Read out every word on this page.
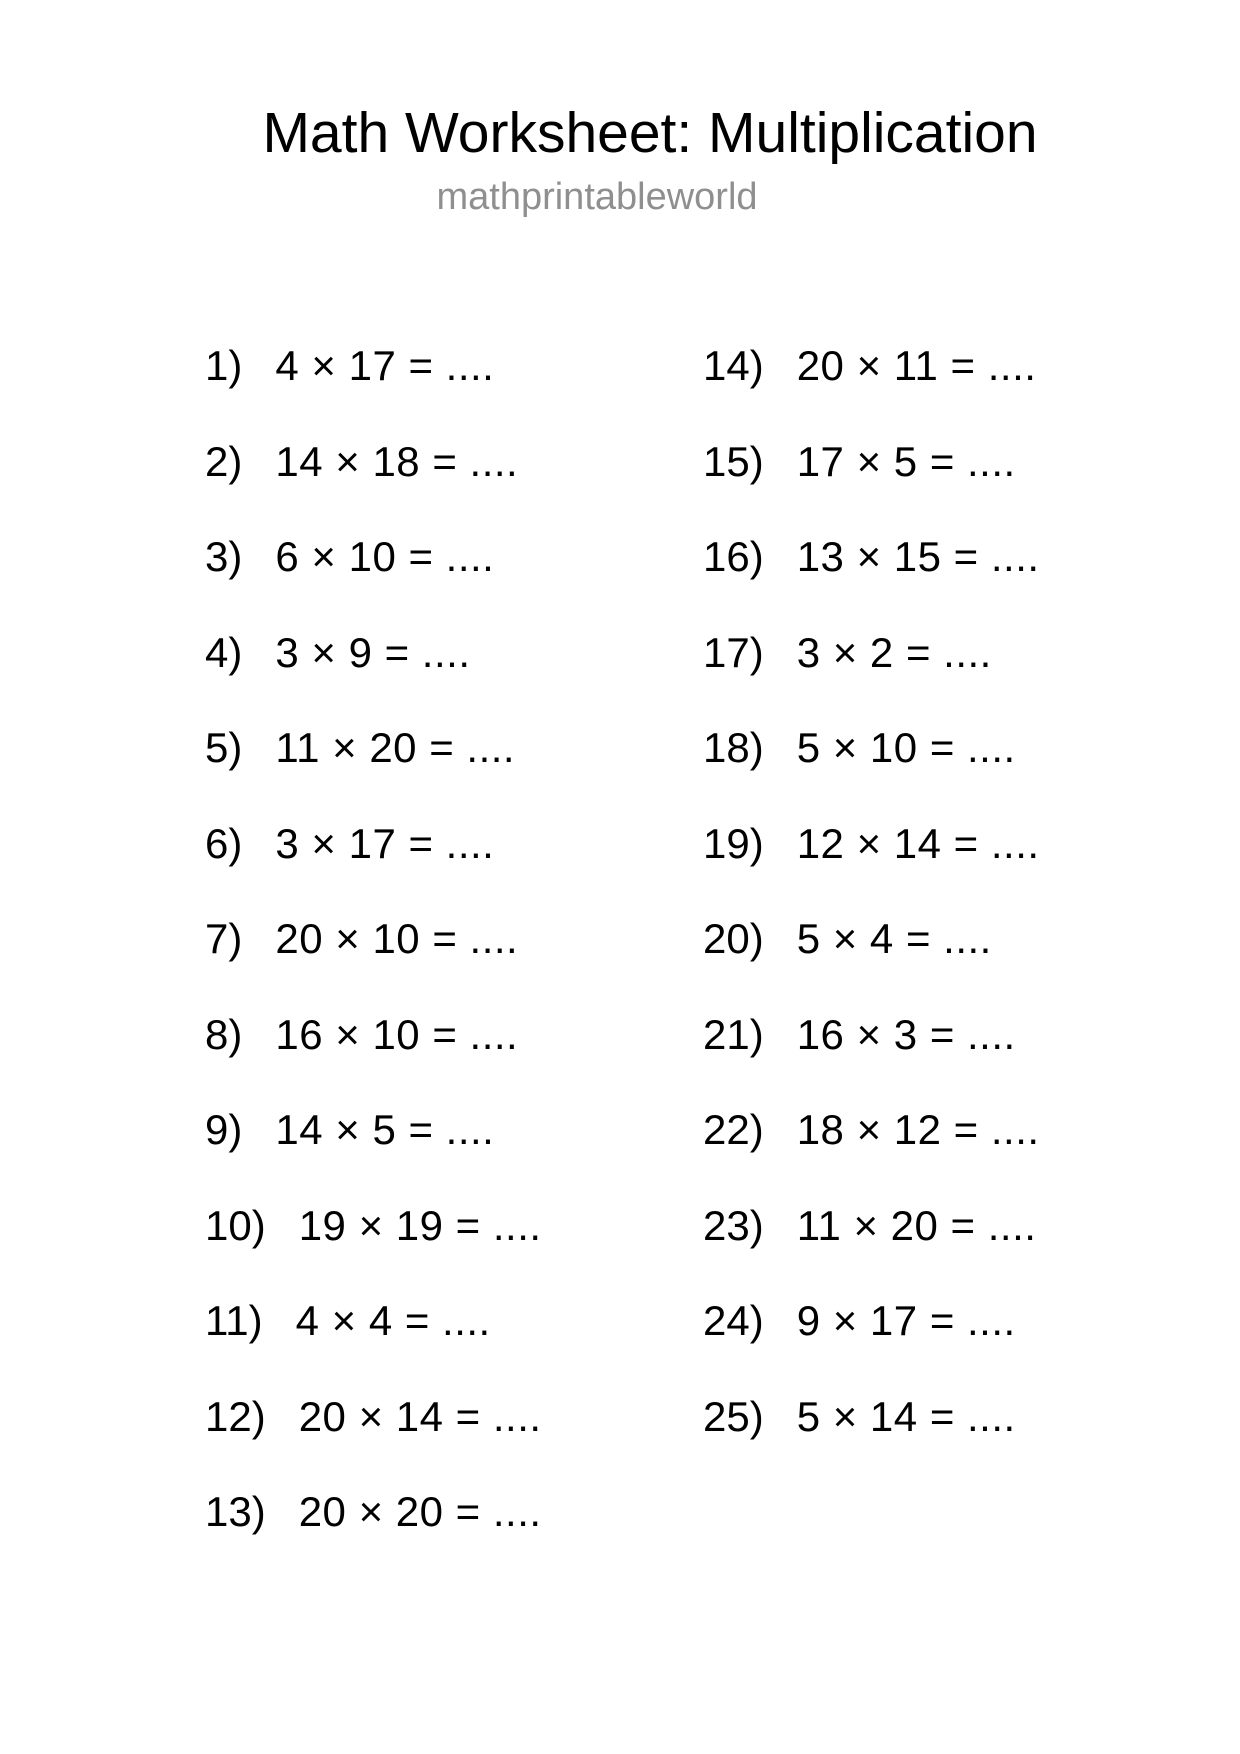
Math Worksheet: Multiplication
mathprintableworld
1) 4 × 17 = ....
2) 14 × 18 = ....
3) 6 × 10 = ....
4) 3 × 9 = ....
5) 11 × 20 = ....
6) 3 × 17 = ....
7) 20 × 10 = ....
8) 16 × 10 = ....
9) 14 × 5 = ....
10) 19 × 19 = ....
11) 4 × 4 = ....
12) 20 × 14 = ....
13) 20 × 20 = ....
14) 20 × 11 = ....
15) 17 × 5 = ....
16) 13 × 15 = ....
17) 3 × 2 = ....
18) 5 × 10 = ....
19) 12 × 14 = ....
20) 5 × 4 = ....
21) 16 × 3 = ....
22) 18 × 12 = ....
23) 11 × 20 = ....
24) 9 × 17 = ....
25) 5 × 14 = ....
